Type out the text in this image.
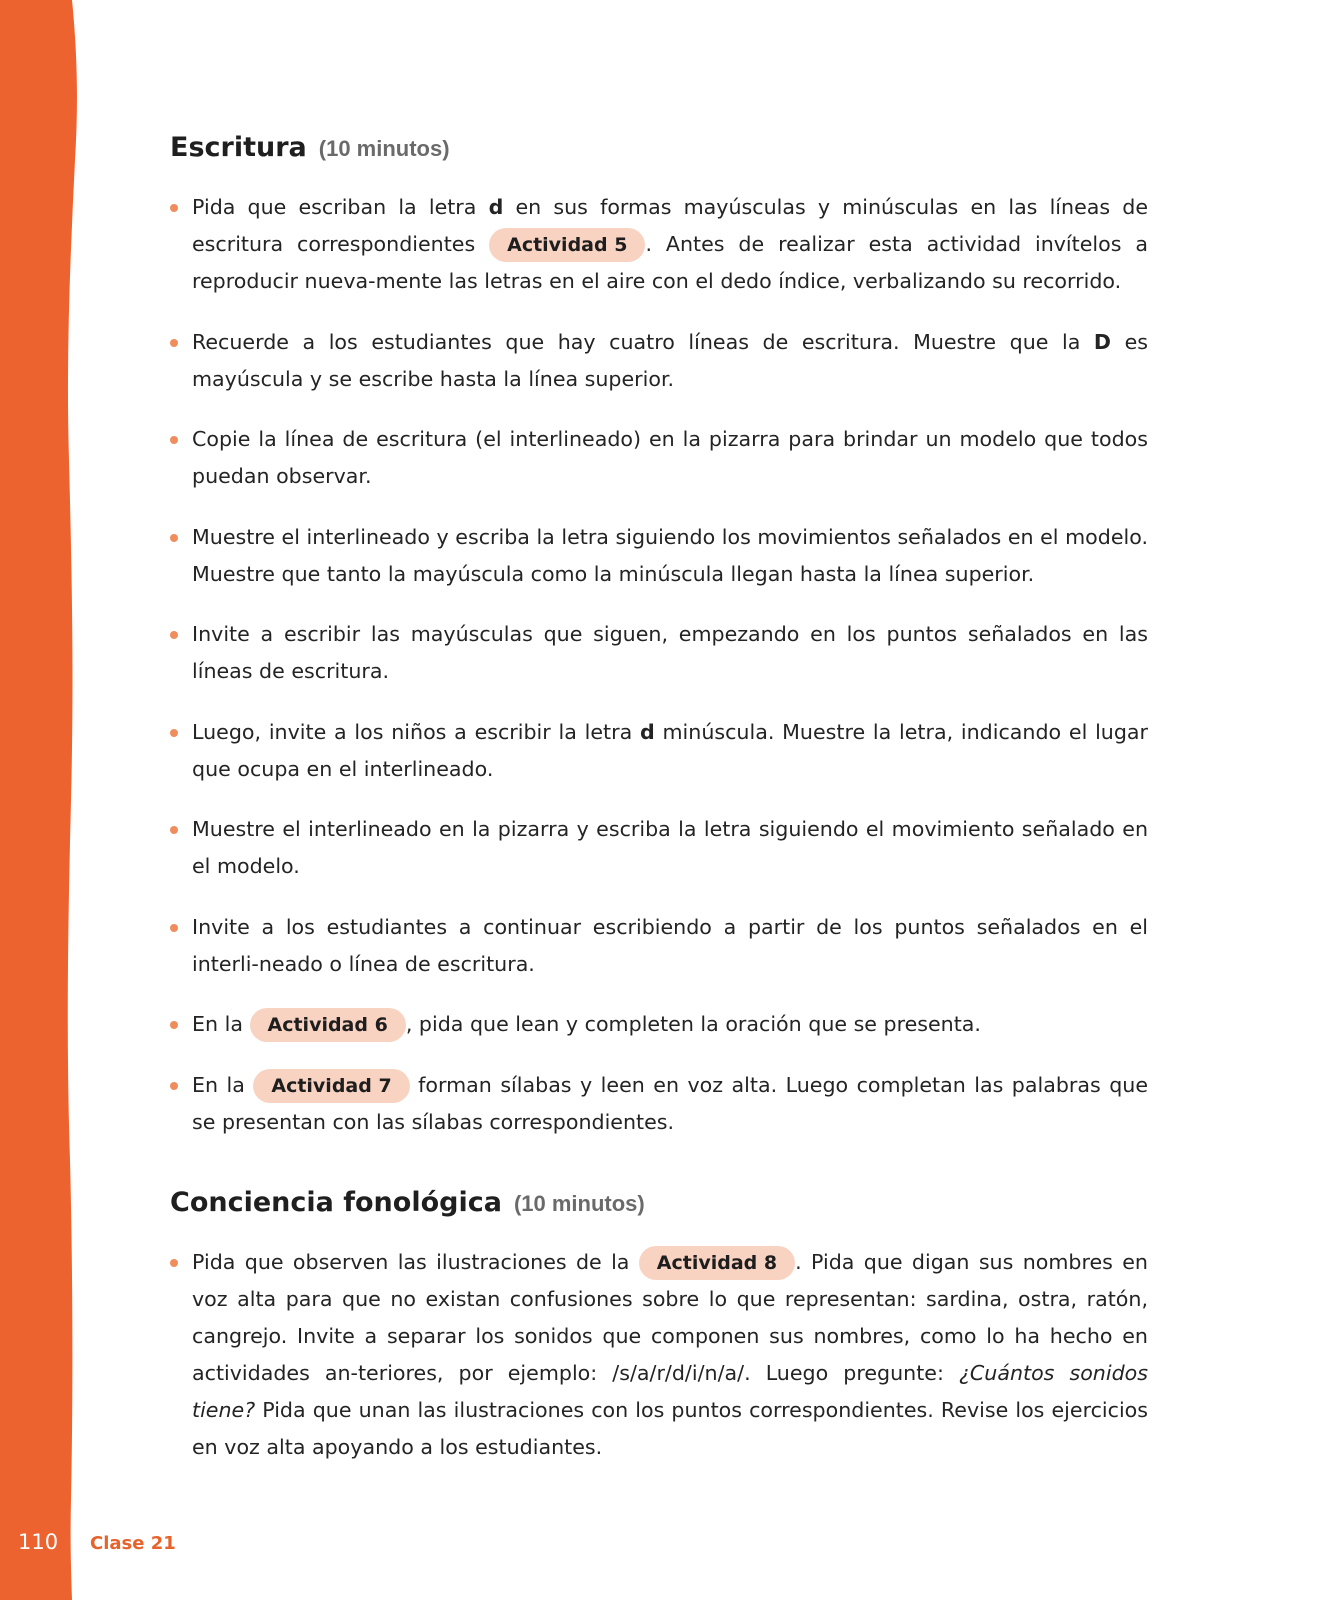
110 Clase 21
Escritura (10 minutos)
Pida que escriban la letra d en sus formas mayúsculas y minúsculas en las líneas de escritura correspondientes Actividad 5 . Antes de realizar esta actividad invítelos a reproducir nueva-mente las letras en el aire con el dedo índice, verbalizando su recorrido.
Recuerde a los estudiantes que hay cuatro líneas de escritura. Muestre que la D es mayúscula y se escribe hasta la línea superior.
Copie la línea de escritura (el interlineado) en la pizarra para brindar un modelo que todos puedan observar.
Muestre el interlineado y escriba la letra siguiendo los movimientos señalados en el modelo. Muestre que tanto la mayúscula como la minúscula llegan hasta la línea superior.
Invite a escribir las mayúsculas que siguen, empezando en los puntos señalados en las líneas de escritura.
Luego, invite a los niños a escribir la letra d minúscula. Muestre la letra, indicando el lugar que ocupa en el interlineado.
Muestre el interlineado en la pizarra y escriba la letra siguiendo el movimiento señalado en el modelo.
Invite a los estudiantes a continuar escribiendo a partir de los puntos señalados en el interli-neado o línea de escritura.
En la Actividad 6 , pida que lean y completen la oración que se presenta.
En la Actividad 7 forman sílabas y leen en voz alta. Luego completan las palabras que se presentan con las sílabas correspondientes.
Conciencia fonológica (10 minutos)
Pida que observen las ilustraciones de la Actividad 8 . Pida que digan sus nombres en voz alta para que no existan confusiones sobre lo que representan: sardina, ostra, ratón, cangrejo. Invite a separar los sonidos que componen sus nombres, como lo ha hecho en actividades an-teriores, por ejemplo: /s/a/r/d/i/n/a/. Luego pregunte: ¿Cuántos sonidos tiene? Pida que unan las ilustraciones con los puntos correspondientes. Revise los ejercicios en voz alta apoyando a los estudiantes.
